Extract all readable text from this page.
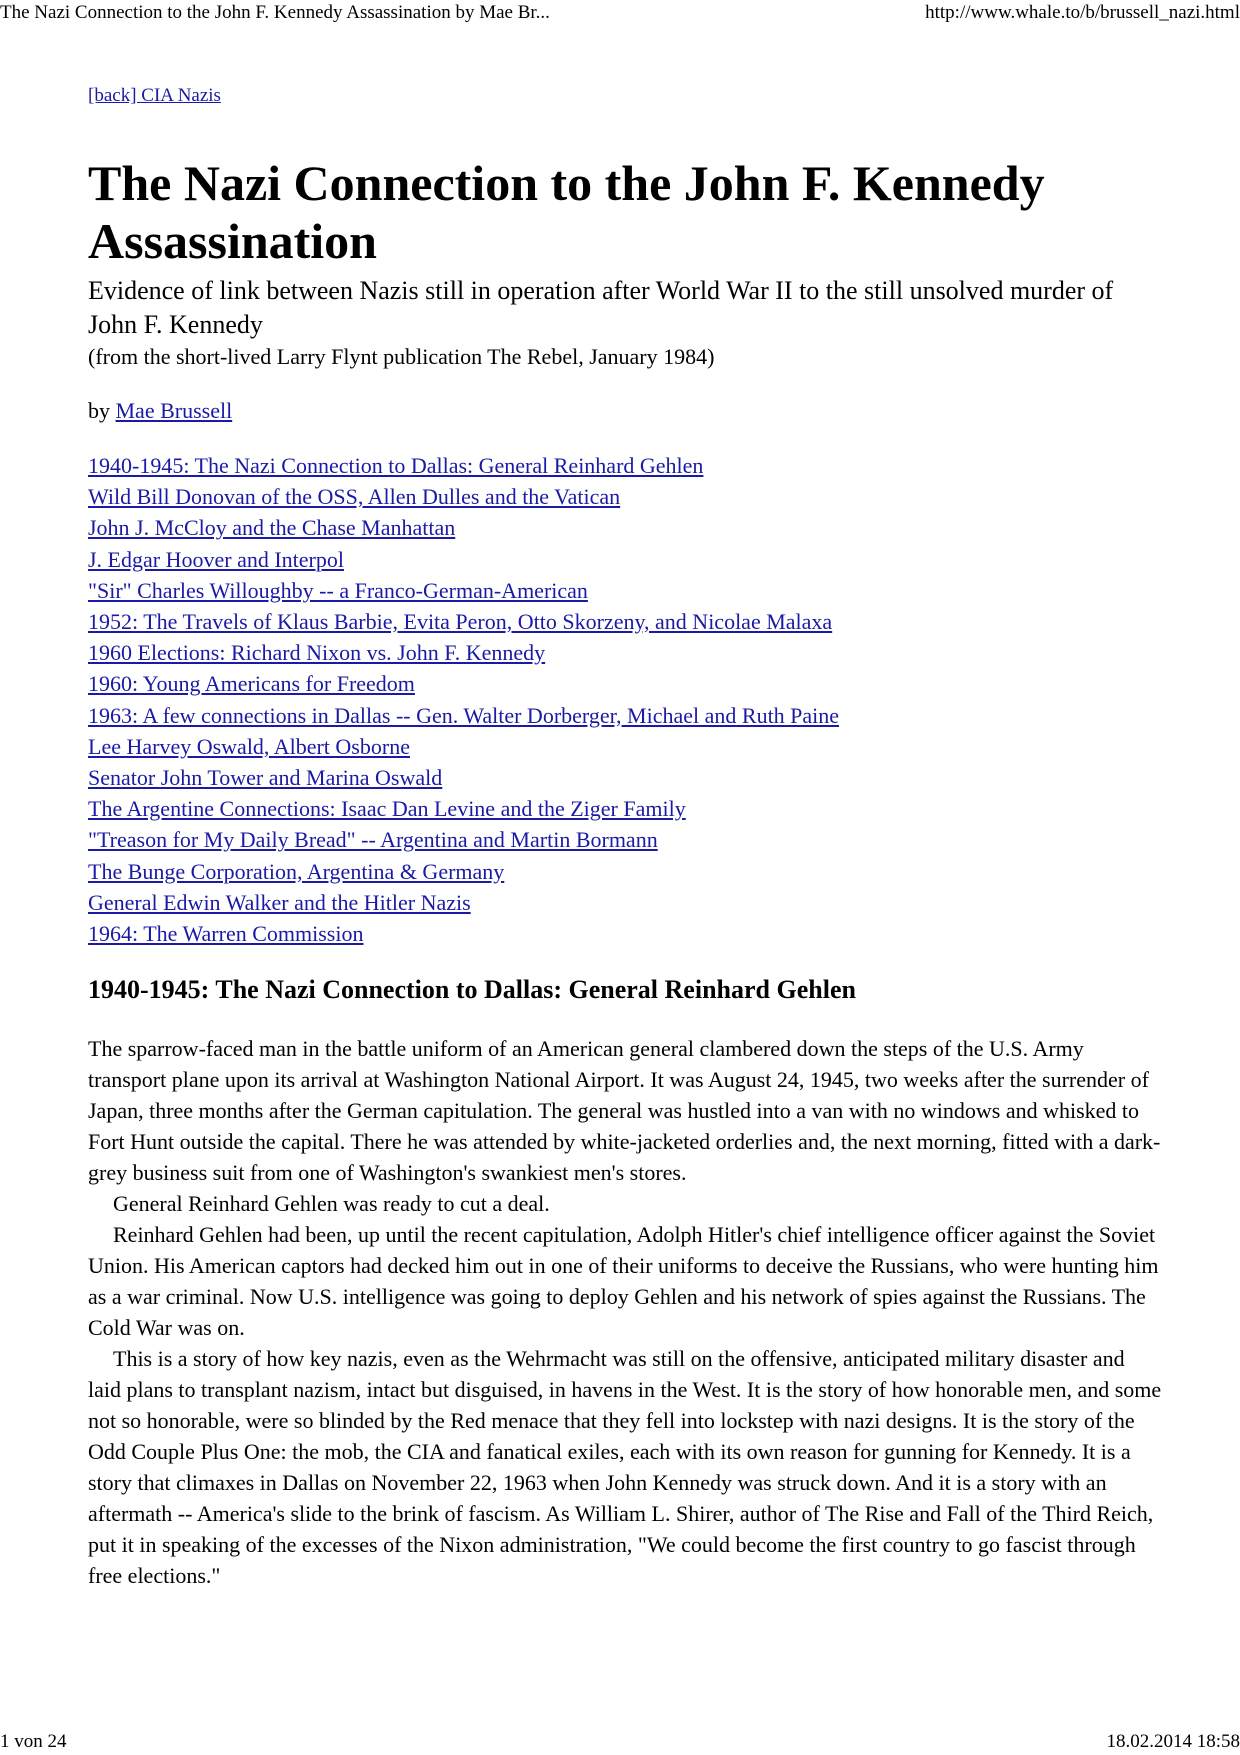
The Nazi Connection to the John F. Kennedy Assassination by Mae Br...	http://www.whale.to/b/brussell_nazi.html
[back] CIA Nazis
The Nazi Connection to the John F. Kennedy Assassination

Evidence of link between Nazis still in operation after World War II to the still unsolved murder of John F. Kennedy

(from the short-lived Larry Flynt publication The Rebel, January 1984)

by Mae Brussell

1940-1945: The Nazi Connection to Dallas: General Reinhard Gehlen
Wild Bill Donovan of the OSS, Allen Dulles and the Vatican
John J. McCloy and the Chase Manhattan
J. Edgar Hoover and Interpol
"Sir" Charles Willoughby -- a Franco-German-American
1952: The Travels of Klaus Barbie, Evita Peron, Otto Skorzeny, and Nicolae Malaxa
1960 Elections: Richard Nixon vs. John F. Kennedy
1960: Young Americans for Freedom
1963: A few connections in Dallas -- Gen. Walter Dorberger, Michael and Ruth Paine
Lee Harvey Oswald, Albert Osborne
Senator John Tower and Marina Oswald
The Argentine Connections: Isaac Dan Levine and the Ziger Family
"Treason for My Daily Bread" -- Argentina and Martin Bormann
The Bunge Corporation, Argentina & Germany
General Edwin Walker and the Hitler Nazis
1964: The Warren Commission
1940-1945: The Nazi Connection to Dallas: General Reinhard Gehlen

The sparrow-faced man in the battle uniform of an American general clambered down the steps of the U.S. Army transport plane upon its arrival at Washington National Airport. It was August 24, 1945, two weeks after the surrender of Japan, three months after the German capitulation. The general was hustled into a van with no windows and whisked to Fort Hunt outside the capital. There he was attended by white-jacketed orderlies and, the next morning, fitted with a dark-grey business suit from one of Washington's swankiest men's stores.

General Reinhard Gehlen was ready to cut a deal.

Reinhard Gehlen had been, up until the recent capitulation, Adolph Hitler's chief intelligence officer against the Soviet Union. His American captors had decked him out in one of their uniforms to deceive the Russians, who were hunting him as a war criminal. Now U.S. intelligence was going to deploy Gehlen and his network of spies against the Russians. The Cold War was on.

This is a story of how key nazis, even as the Wehrmacht was still on the offensive, anticipated military disaster and laid plans to transplant nazism, intact but disguised, in havens in the West. It is the story of how honorable men, and some not so honorable, were so blinded by the Red menace that they fell into lockstep with nazi designs. It is the story of the Odd Couple Plus One: the mob, the CIA and fanatical exiles, each with its own reason for gunning for Kennedy. It is a story that climaxes in Dallas on November 22, 1963 when John Kennedy was struck down. And it is a story with an aftermath -- America's slide to the brink of fascism. As William L. Shirer, author of The Rise and Fall of the Third Reich, put it in speaking of the excesses of the Nixon administration, "We could become the first country to go fascist through free elections."

1 von 24	18.02.2014 18:58
